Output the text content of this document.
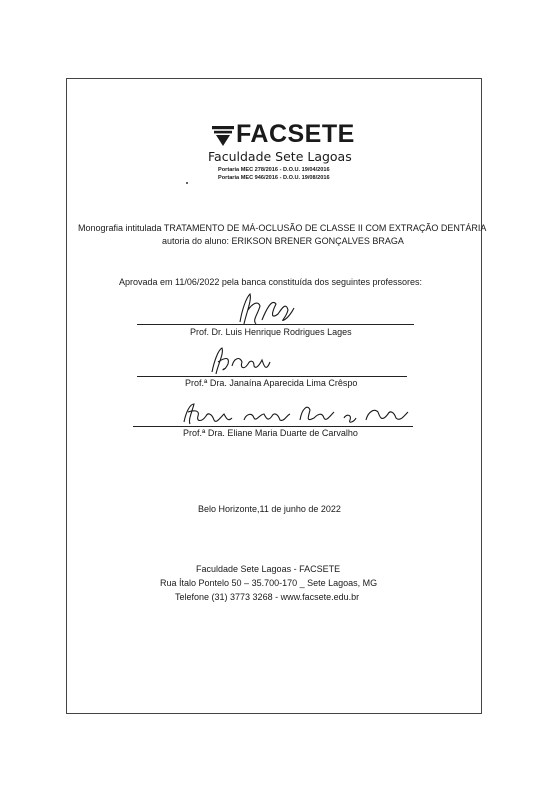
FACSETE
Faculdade Sete Lagoas
Portaria MEC 278/2016 - D.O.U. 19/04/2016
Portaria MEC 946/2016 - D.O.U. 19/08/2016
Monografia intitulada TRATAMENTO DE MÁ-OCLUSÃO DE CLASSE II COM EXTRAÇÃO DENTÁRIA
autoria do aluno: ERIKSON BRENER GONÇALVES BRAGA
Aprovada em 11/06/2022 pela banca constituída dos seguintes professores:
Prof. Dr. Luis Henrique Rodrigues Lages
Prof.ª Dra. Janaína Aparecida Lima Crêspo
Prof.ª Dra. Eliane Maria Duarte de Carvalho
Belo Horizonte,11 de junho de 2022
Faculdade Sete Lagoas - FACSETE
Rua Ítalo Pontelo 50 – 35.700-170 _ Sete Lagoas, MG
Telefone (31) 3773 3268 - www.facsete.edu.br
